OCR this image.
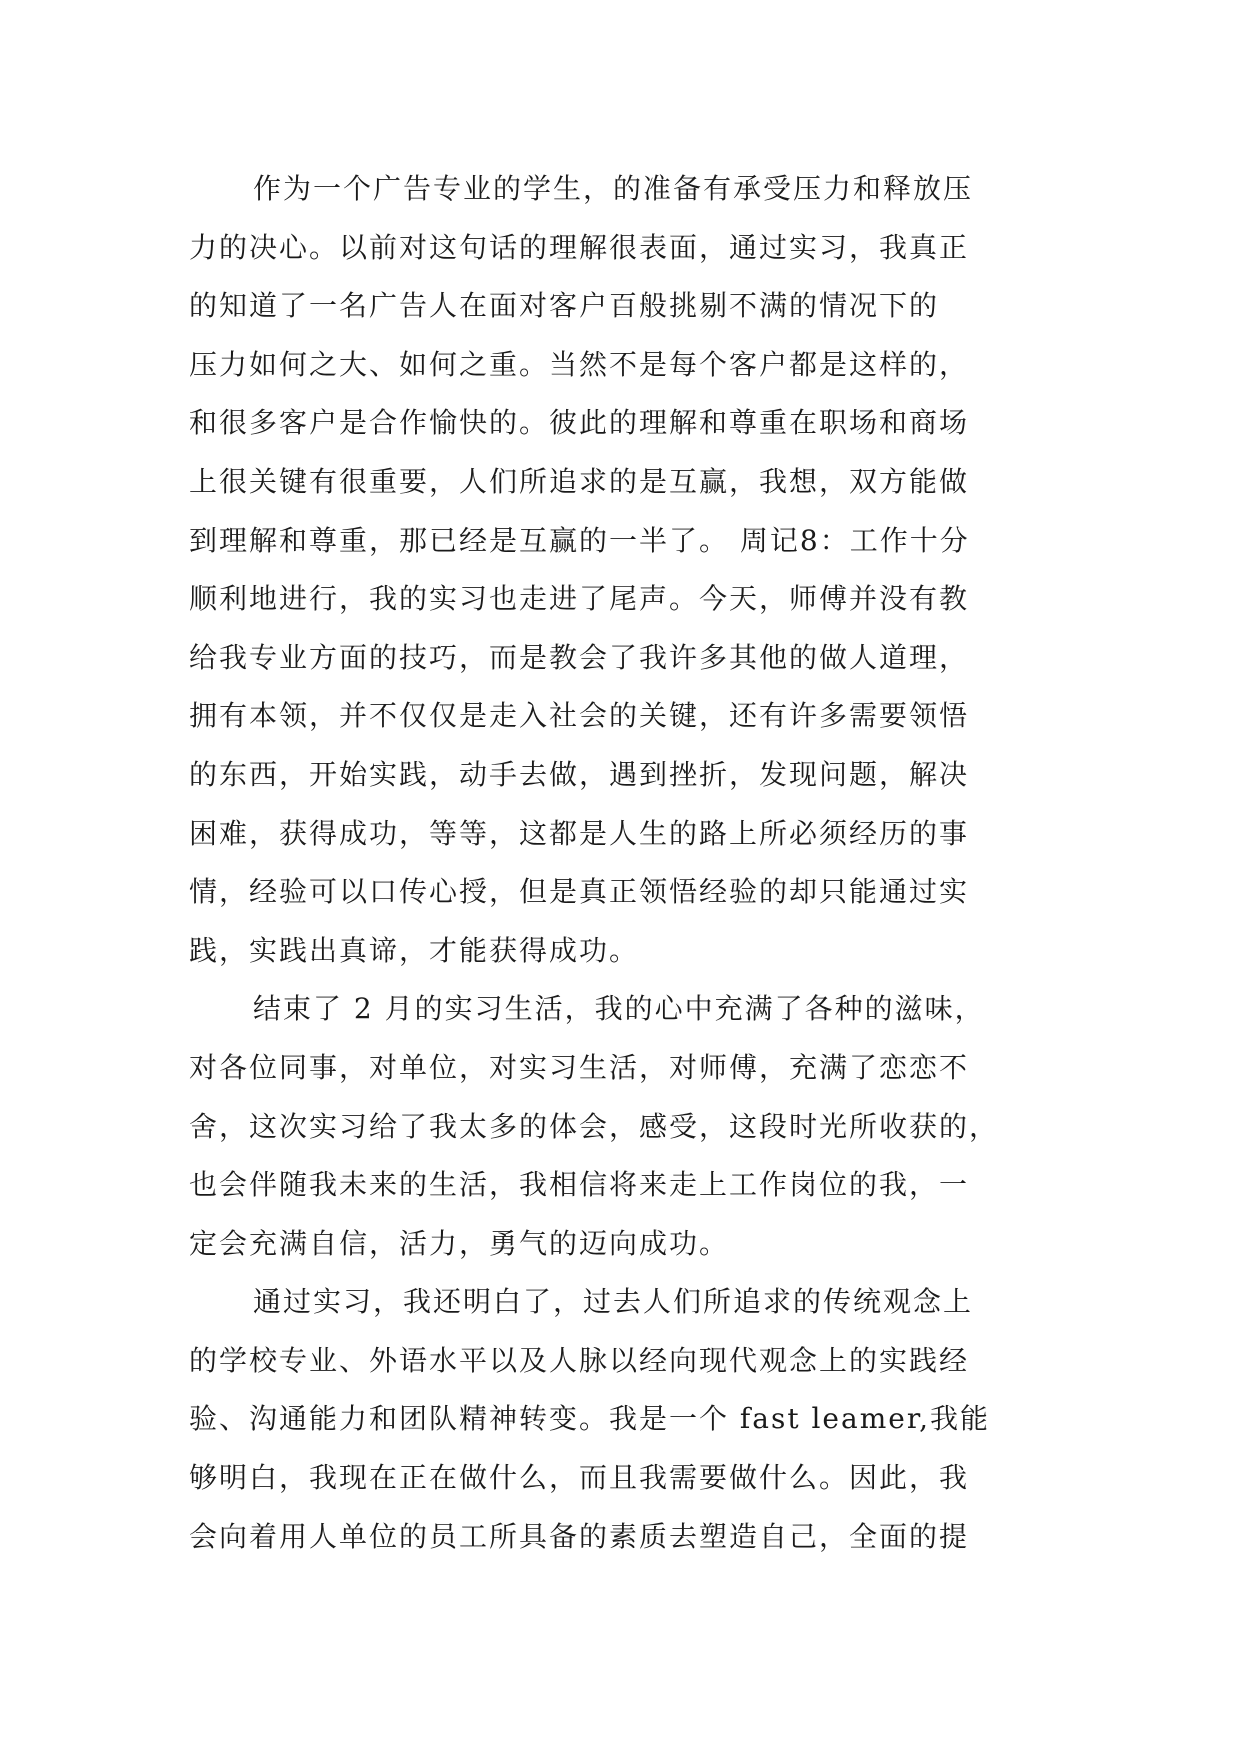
作为一个广告专业的学生，的准备有承受压力和释放压
力的决心。以前对这句话的理解很表面，通过实习，我真正
的知道了一名广告人在面对客户百般挑剔不满的情况下的
压力如何之大、如何之重。当然不是每个客户都是这样的，
和很多客户是合作愉快的。彼此的理解和尊重在职场和商场
上很关键有很重要，人们所追求的是互赢，我想，双方能做
到理解和尊重，那已经是互赢的一半了。 周记8：工作十分
顺利地进行，我的实习也走进了尾声。今天，师傅并没有教
给我专业方面的技巧，而是教会了我许多其他的做人道理，
拥有本领，并不仅仅是走入社会的关键，还有许多需要领悟
的东西，开始实践，动手去做，遇到挫折，发现问题，解决
困难，获得成功，等等，这都是人生的路上所必须经历的事
情，经验可以口传心授，但是真正领悟经验的却只能通过实
践，实践出真谛，才能获得成功。
结束了 2 月的实习生活，我的心中充满了各种的滋味，
对各位同事，对单位，对实习生活，对师傅，充满了恋恋不
舍，这次实习给了我太多的体会，感受，这段时光所收获的，
也会伴随我未来的生活，我相信将来走上工作岗位的我，一
定会充满自信，活力，勇气的迈向成功。
通过实习，我还明白了，过去人们所追求的传统观念上
的学校专业、外语水平以及人脉以经向现代观念上的实践经
验、沟通能力和团队精神转变。我是一个 fast leamer,我能
够明白，我现在正在做什么，而且我需要做什么。因此，我
会向着用人单位的员工所具备的素质去塑造自己，全面的提
